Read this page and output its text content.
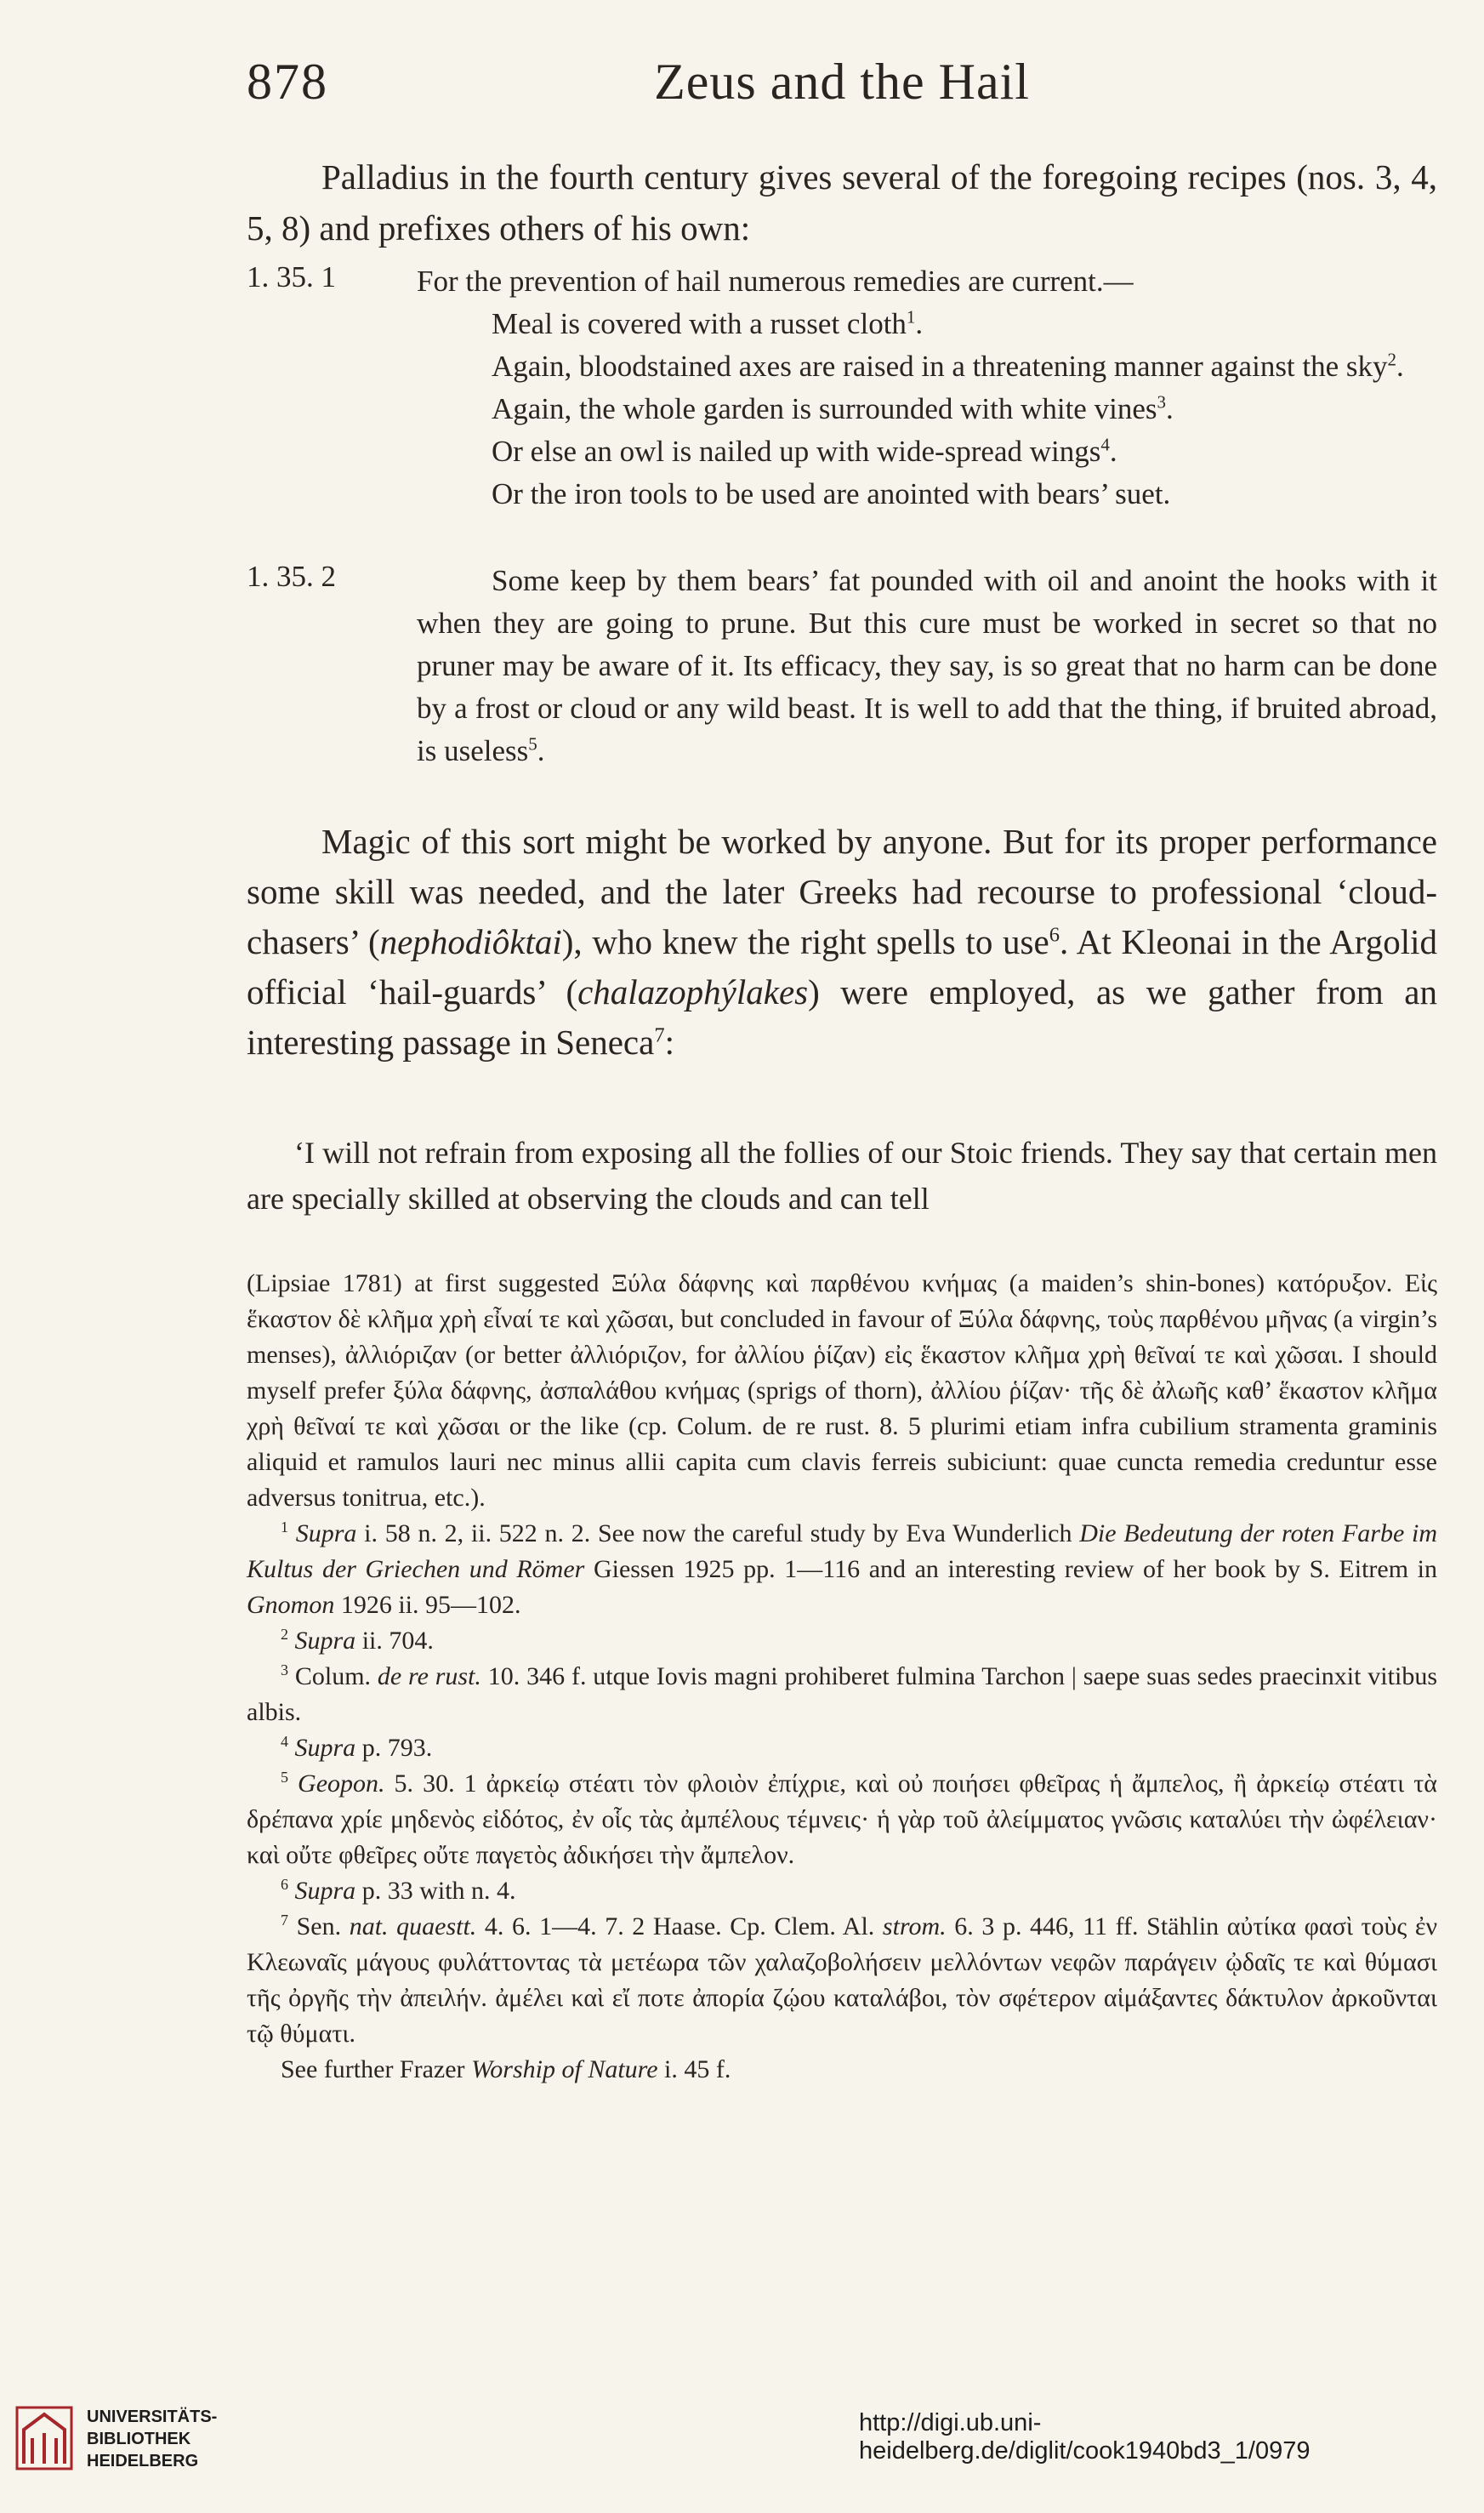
Zeus and the Hail
878
Palladius in the fourth century gives several of the foregoing recipes (nos. 3, 4, 5, 8) and prefixes others of his own:
1. 35. 1	For the prevention of hail numerous remedies are current.—

Meal is covered with a russet cloth$^1$.

Again, bloodstained axes are raised in a threatening manner against the sky$^2$.

Again, the whole garden is surrounded with white vines$^3$.

Or else an owl is nailed up with wide-spread wings$^4$.

Or the iron tools to be used are anointed with bears’ suet.

1. 35. 2	Some keep by them bears’ fat pounded with oil and anoint the hooks with it when they are going to prune. But this cure must be worked in secret so that no pruner may be aware of it. Its efficacy, they say, is so great that no harm can be done by a frost or cloud or any wild beast. It is well to add that the thing, if bruited abroad, is useless$^5$.

Magic of this sort might be worked by anyone. But for its proper performance some skill was needed, and the later Greeks had recourse to professional ‘cloud-chasers’ (nephodiôktai), who knew the right spells to use$^6$. At Kleonai in the Argolid official ‘hail-guards’ (chalazophýlakes) were employed, as we gather from an interesting passage in Seneca$^7$:
‘I will not refrain from exposing all the follies of our Stoic friends. They say that certain men are specially skilled at observing the clouds and can tell

(Lipsiae 1781) at first suggested Ξύλα δάφνης καὶ παρθένου κνήμας (a maiden’s shin-bones) κατόρυξον. Εἰς ἕκαστον δὲ κλῆμα χρὴ εἶναί τε καὶ χῶσαι, but concluded in favour of Ξύλα δάφνης, τοὺς παρθένου μῆνας (a virgin’s menses), ἀλλιόριζαν (or better ἀλλιόριζον, for ἀλλίου ῥίζαν) εἰς ἕκαστον κλῆμα χρὴ θεῖναί τε καὶ χῶσαι. I should myself prefer ξύλα δάφνης, ἀσπαλάθου κνήμας (sprigs of thorn), ἀλλίου ῥίζαν· τῆς δὲ ἀλωῆς καθ’ ἕκαστον κλῆμα χρὴ θεῖναί τε καὶ χῶσαι or the like (cp. Colum. de re rust. 8. 5 plurimi etiam infra cubilium stramenta graminis aliquid et ramulos lauri nec minus allii capita cum clavis ferreis subiciunt: quae cuncta remedia creduntur esse adversus tonitrua, etc.).

$^1$ Supra i. 58 n. 2, ii. 522 n. 2. See now the careful study by Eva Wunderlich Die Bedeutung der roten Farbe im Kultus der Griechen und Römer Giessen 1925 pp. 1—116 and an interesting review of her book by S. Eitrem in Gnomon 1926 ii. 95—102.

$^2$ Supra ii. 704.

$^3$ Colum. de re rust. 10. 346 f. utque Iovis magni prohiberet fulmina Tarchon | saepe suas sedes praecinxit vitibus albis.

$^4$ Supra p. 793.

$^5$ Geopon. 5. 30. 1 ἀρκείῳ στέατι τὸν φλοιὸν ἐπίχριε, καὶ οὐ ποιήσει φθεῖρας ἡ ἄμπελος, ἢ ἀρκείῳ στέατι τὰ δρέπανα χρίε μηδενὸς εἰδότος, ἐν οἷς τὰς ἀμπέλους τέμνεις· ἡ γὰρ τοῦ ἀλείμματος γνῶσις καταλύει τὴν ὠφέλειαν· καὶ οὔτε φθεῖρες οὔτε παγετὸς ἀδικήσει τὴν ἄμπελον.

$^6$ Supra p. 33 with n. 4.

$^7$ Sen. nat. quaestt. 4. 6. 1—4. 7. 2 Haase. Cp. Clem. Al. strom. 6. 3 p. 446, 11 ff. Stählin αὐτίκα φασὶ τοὺς ἐν Κλεωναῖς μάγους φυλάττοντας τὰ μετέωρα τῶν χαλαζοβολήσειν μελλόντων νεφῶν παράγειν ᾠδαῖς τε καὶ θύμασι τῆς ὀργῆς τὴν ἀπειλήν. ἀμέλει καὶ εἴ ποτε ἀπορία ζῴου καταλάβοι, τὸν σφέτερον αἱμάξαντες δάκτυλον ἀρκοῦνται τῷ θύματι.

See further Frazer Worship of Nature i. 45 f.

UNIVERSITÄTS-
BIBLIOTHEK
HEIDELBERG
http://digi.ub.uni-heidelberg.de/diglit/cook1940bd3_1/0979
